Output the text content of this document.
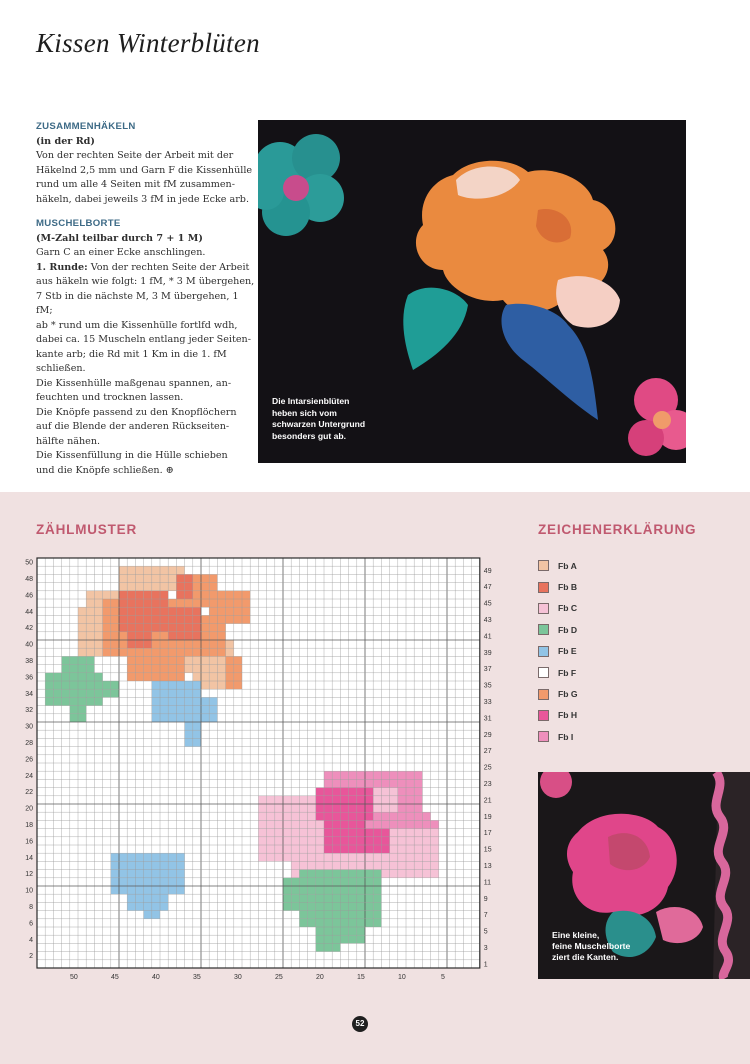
Kissen Winterblüten

ZUSAMMENHÄKELN

(in der Rd)

Von der rechten Seite der Arbeit mit der

Häkelnd 2,5 mm und Garn F die Kissenhülle

rund um alle 4 Seiten mit fM zusammen-

häkeln, dabei jeweils 3 fM in jede Ecke arb.

MUSCHELBORTE

(M-Zahl teilbar durch 7 + 1 M)

Garn C an einer Ecke anschlingen.

1. Runde: Von der rechten Seite der Arbeit

aus häkeln wie folgt: 1 fM, * 3 M übergehen,

7 Stb in die nächste M, 3 M übergehen, 1 fM;

ab * rund um die Kissenhülle fortlfd wdh,

dabei ca. 15 Muscheln entlang jeder Seiten-

kante arb; die Rd mit 1 Km in die 1. fM

schließen.

Die Kissenhülle maßgenau spannen, an-

feuchten und trocknen lassen.

Die Knöpfe passend zu den Knopflöchern

auf die Blende der anderen Rückseiten-

hälfte nähen.

Die Kissenfüllung in die Hülle schieben

und die Knöpfe schließen. ⊕

Die Intarsienblüten
heben sich vom
schwarzen Untergrund
besonders gut ab.
ZÄHLMUSTER	ZEICHENERKLÄRUNG
2
4
6
8
10
12
14
16
18
20
22
24
26
28
30
32
34
36
38
40
42
44
46
48
50
1
3
5
7
9
11
13
15
17
19
21
23
25
27
29
31
33
35
37
39
41
43
45
47
49
50	45	40	35	30	25	20	15	10	5
Fb A
Fb B
Fb C
Fb D
Fb E
Fb F
Fb G
Fb H
Fb I
Eine kleine,
feine Muschelborte
ziert die Kanten.
52
